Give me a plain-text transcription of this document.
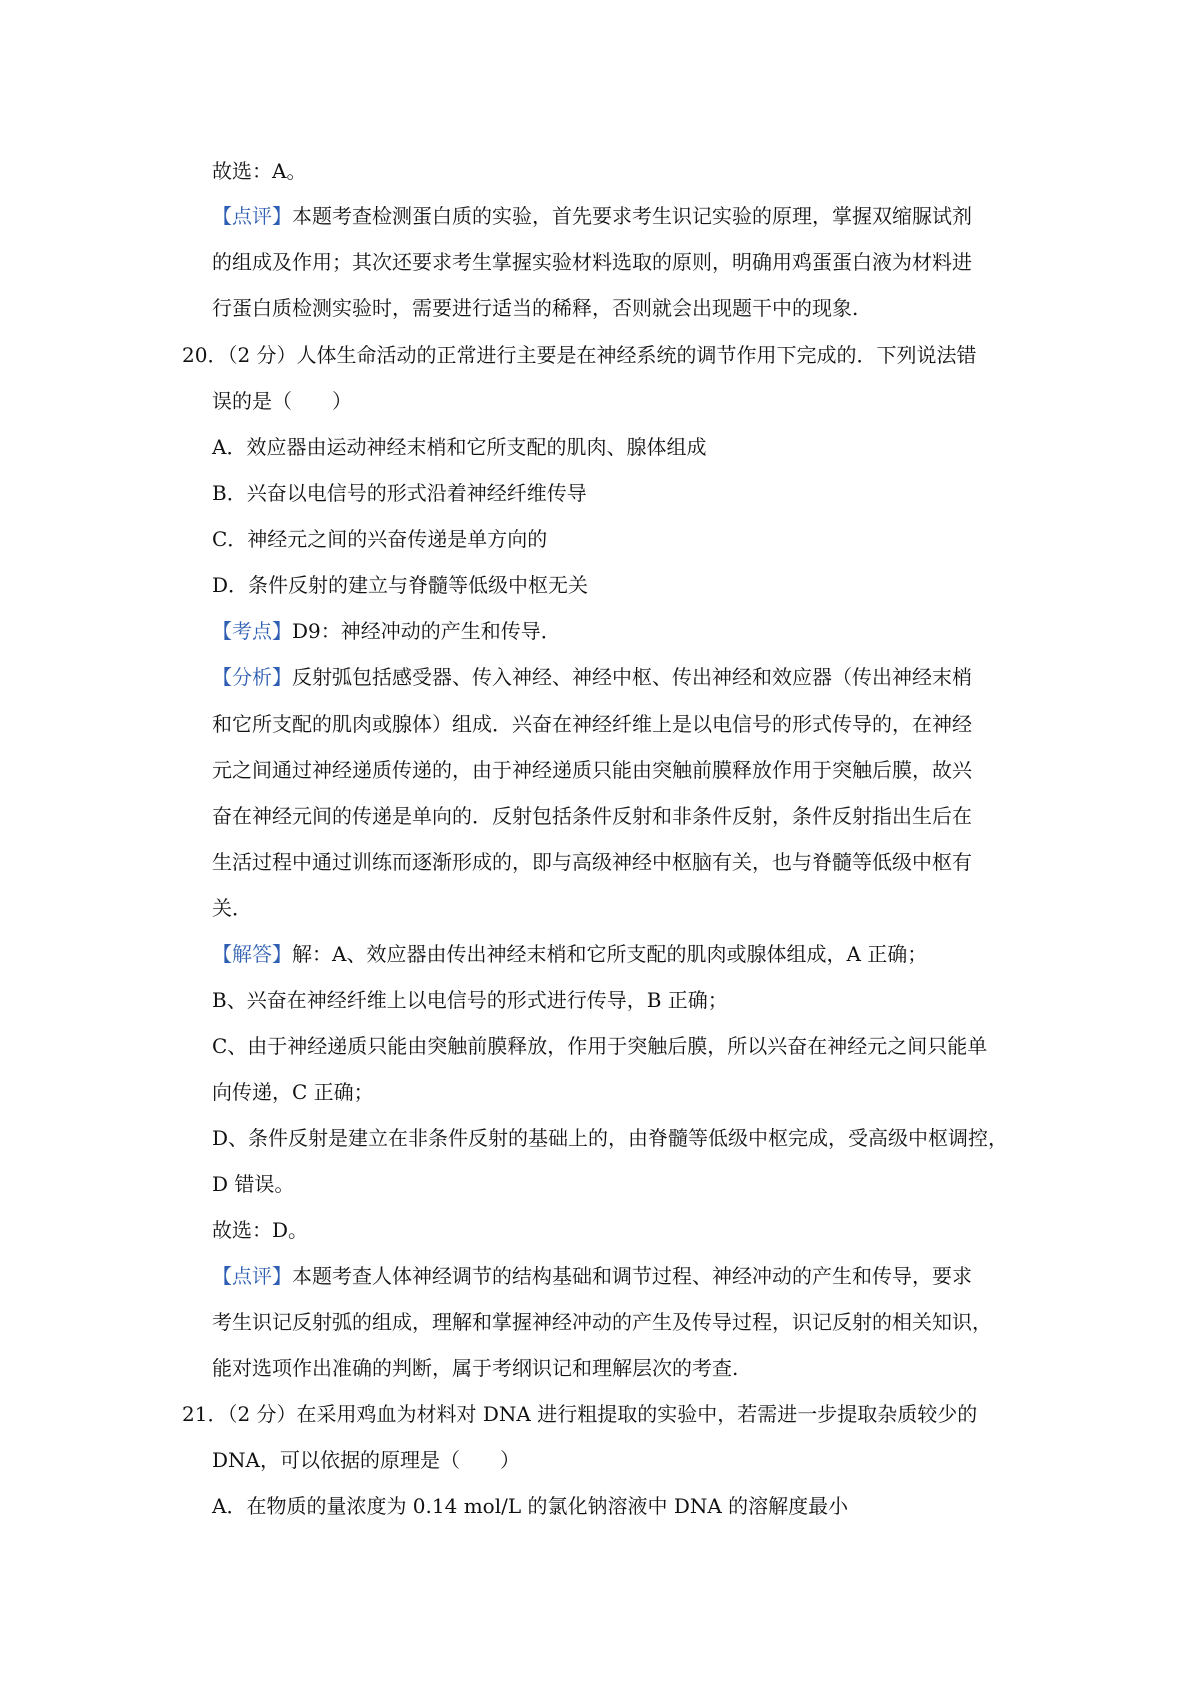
故选：A。
【点评】本题考查检测蛋白质的实验，首先要求考生识记实验的原理，掌握双缩脲试剂
的组成及作用；其次还要求考生掌握实验材料选取的原则，明确用鸡蛋蛋白液为材料进
行蛋白质检测实验时，需要进行适当的稀释，否则就会出现题干中的现象.
20．（2 分）人体生命活动的正常进行主要是在神经系统的调节作用下完成的．下列说法错
误的是（　　）
A．效应器由运动神经末梢和它所支配的肌肉、腺体组成
B．兴奋以电信号的形式沿着神经纤维传导
C．神经元之间的兴奋传递是单方向的
D．条件反射的建立与脊髓等低级中枢无关
【考点】D9：神经冲动的产生和传导．
【分析】反射弧包括感受器、传入神经、神经中枢、传出神经和效应器（传出神经末梢
和它所支配的肌肉或腺体）组成．兴奋在神经纤维上是以电信号的形式传导的，在神经
元之间通过神经递质传递的，由于神经递质只能由突触前膜释放作用于突触后膜，故兴
奋在神经元间的传递是单向的．反射包括条件反射和非条件反射，条件反射指出生后在
生活过程中通过训练而逐渐形成的，即与高级神经中枢脑有关，也与脊髓等低级中枢有
关．
【解答】解：A、效应器由传出神经末梢和它所支配的肌肉或腺体组成，A 正确；
B、兴奋在神经纤维上以电信号的形式进行传导，B 正确；
C、由于神经递质只能由突触前膜释放，作用于突触后膜，所以兴奋在神经元之间只能单
向传递，C 正确；
D、条件反射是建立在非条件反射的基础上的，由脊髓等低级中枢完成，受高级中枢调控，
D 错误。
故选：D。
【点评】本题考查人体神经调节的结构基础和调节过程、神经冲动的产生和传导，要求
考生识记反射弧的组成，理解和掌握神经冲动的产生及传导过程，识记反射的相关知识，
能对选项作出准确的判断，属于考纲识记和理解层次的考查.
21．（2 分）在采用鸡血为材料对 DNA 进行粗提取的实验中，若需进一步提取杂质较少的
DNA，可以依据的原理是（　　）
A．在物质的量浓度为 0.14 mol/L 的氯化钠溶液中 DNA 的溶解度最小
